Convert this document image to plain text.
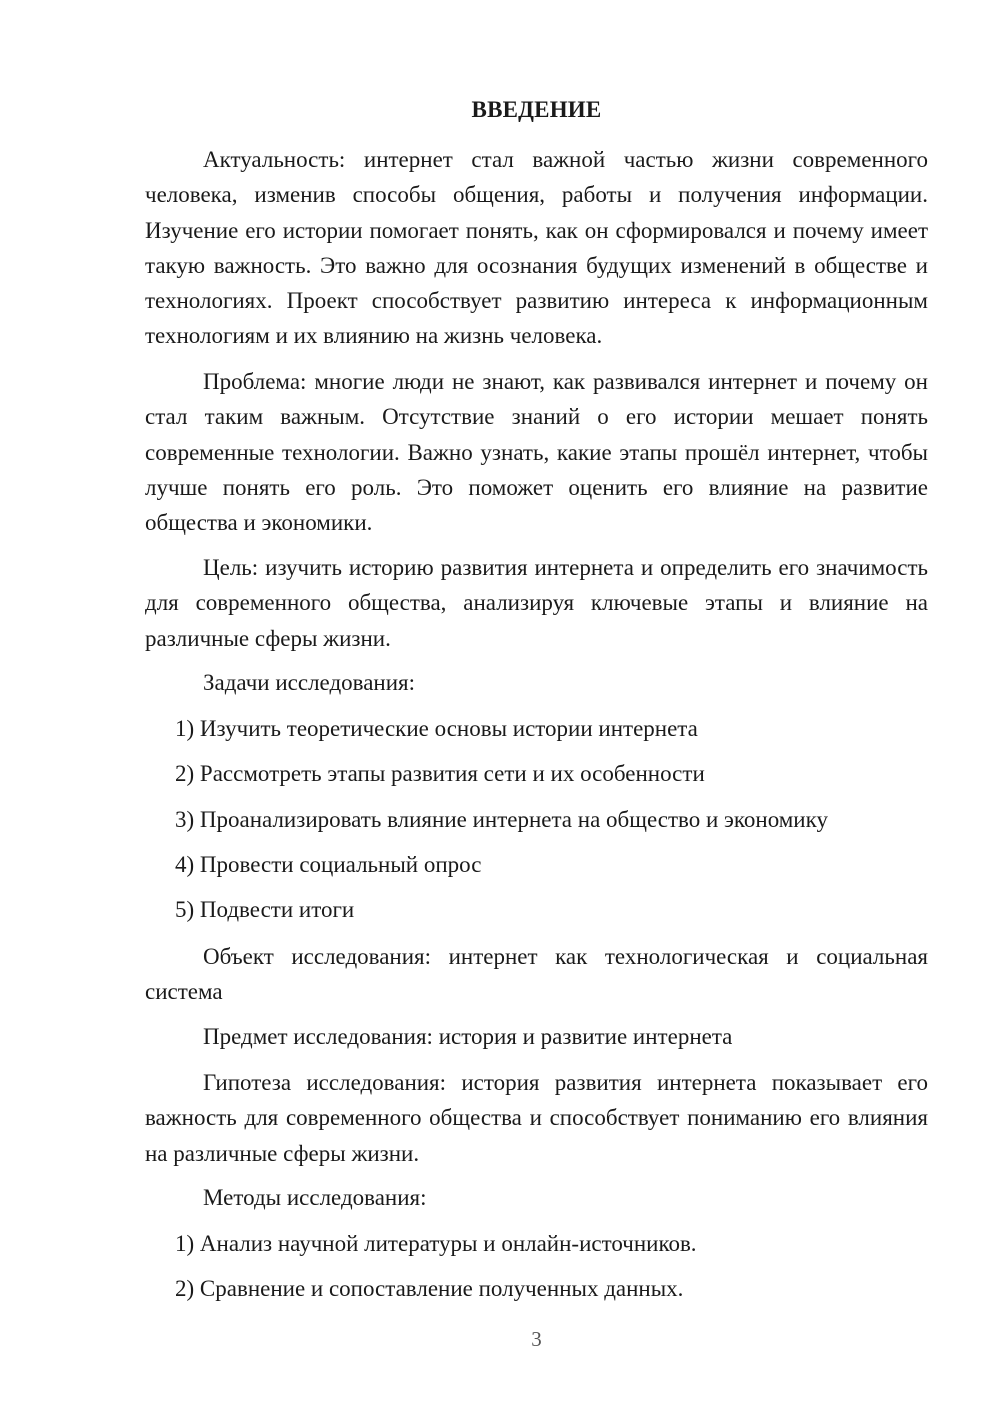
ВВЕДЕНИЕ
Актуальность: интернет стал важной частью жизни современного человека, изменив способы общения, работы и получения информации. Изучение его истории помогает понять, как он сформировался и почему имеет такую важность. Это важно для осознания будущих изменений в обществе и технологиях. Проект способствует развитию интереса к информационным технологиям и их влиянию на жизнь человека.
Проблема: многие люди не знают, как развивался интернет и почему он стал таким важным. Отсутствие знаний о его истории мешает понять современные технологии. Важно узнать, какие этапы прошёл интернет, чтобы лучше понять его роль. Это поможет оценить его влияние на развитие общества и экономики.
Цель: изучить историю развития интернета и определить его значимость для современного общества, анализируя ключевые этапы и влияние на различные сферы жизни.
Задачи исследования:
1) Изучить теоретические основы истории интернета
2) Рассмотреть этапы развития сети и их особенности
3) Проанализировать влияние интернета на общество и экономику
4) Провести социальный опрос
5) Подвести итоги
Объект исследования: интернет как технологическая и социальная система
Предмет исследования: история и развитие интернета
Гипотеза исследования: история развития интернета показывает его важность для современного общества и способствует пониманию его влияния на различные сферы жизни.
Методы исследования:
1) Анализ научной литературы и онлайн-источников.
2) Сравнение и сопоставление полученных данных.
3
